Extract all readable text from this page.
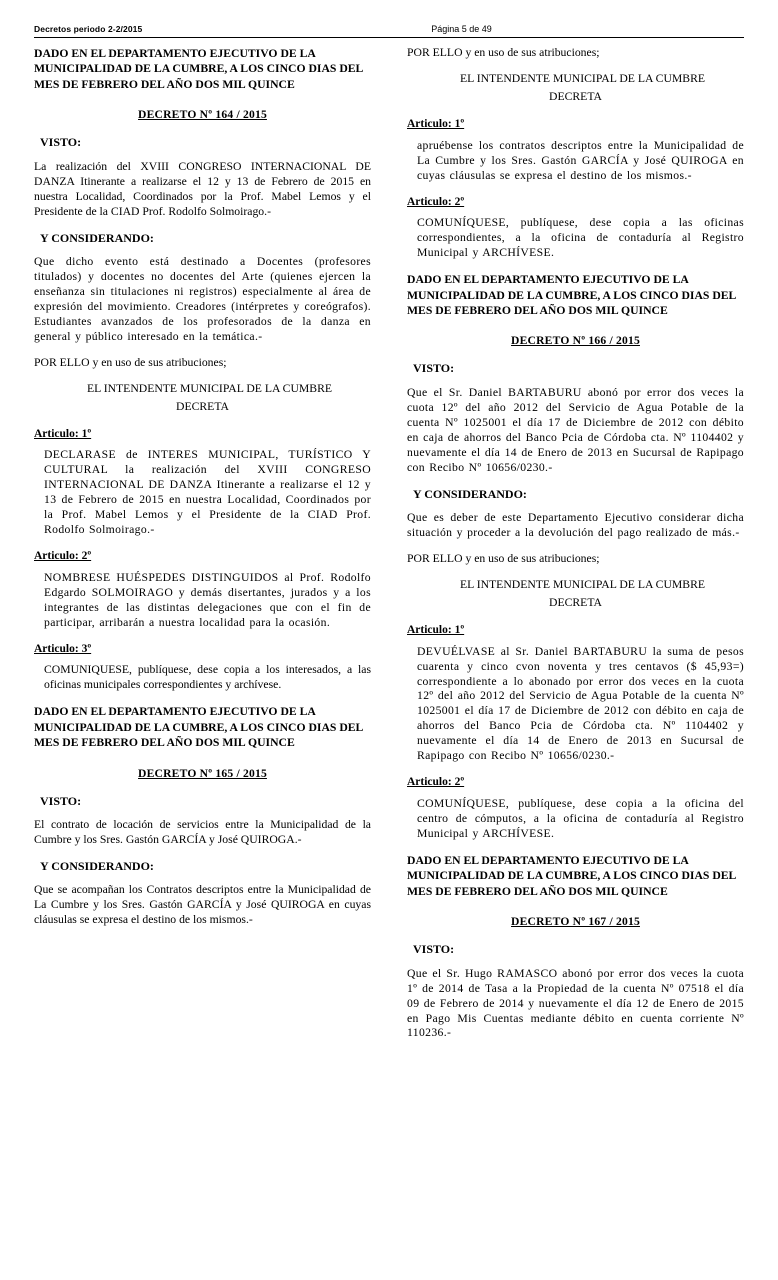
Decretos periodo 2-2/2015	Página 5 de 49

DADO EN EL DEPARTAMENTO EJECUTIVO DE LA MUNICIPALIDAD DE LA CUMBRE, A LOS CINCO DIAS DEL MES DE FEBRERO DEL AÑO DOS MIL QUINCE

DECRETO Nº 164 / 2015

VISTO:

La realización del XVIII CONGRESO INTERNACIONAL DE DANZA Itinerante a realizarse el 12 y 13 de Febrero de 2015 en nuestra Localidad, Coordinados por la Prof. Mabel Lemos y el Presidente de la CIAD Prof. Rodolfo Solmoirago.-

Y CONSIDERANDO:

Que dicho evento está destinado a Docentes (profesores titulados) y docentes no docentes del Arte (quienes ejercen la enseñanza sin titulaciones ni registros) especialmente al área de expresión del movimiento. Creadores (intérpretes y coreógrafos). Estudiantes avanzados de los profesorados de la danza en general y público interesado en la temática.-

POR ELLO y en uso de sus atribuciones;

EL INTENDENTE MUNICIPAL DE LA CUMBRE

DECRETA

Articulo: 1º

DECLARASE de INTERES MUNICIPAL, TURÍSTICO Y CULTURAL la realización del XVIII CONGRESO INTERNACIONAL DE DANZA Itinerante a realizarse el 12 y 13 de Febrero de 2015 en nuestra Localidad, Coordinados por la Prof. Mabel Lemos y el Presidente de la CIAD Prof. Rodolfo Solmoirago.-

Articulo: 2º

NOMBRESE HUÉSPEDES DISTINGUIDOS al Prof. Rodolfo Edgardo SOLMOIRAGO y demás disertantes, jurados y a los integrantes de las distintas delegaciones que con el fin de participar, arribarán a nuestra localidad para la ocasión.

Articulo: 3º

COMUNIQUESE, publíquese, dese copia a los interesados, a las oficinas municipales correspondientes y archívese.

DADO EN EL DEPARTAMENTO EJECUTIVO DE LA MUNICIPALIDAD DE LA CUMBRE, A LOS CINCO DIAS DEL MES DE FEBRERO DEL AÑO DOS MIL QUINCE

DECRETO Nº 165 / 2015

VISTO:

El contrato de locación de servicios entre la Municipalidad de la Cumbre y los Sres. Gastón GARCÍA y José QUIROGA.-

Y CONSIDERANDO:

Que se acompañan los Contratos descriptos entre la Municipalidad de La Cumbre y los Sres. Gastón GARCÍA y José QUIROGA en cuyas cláusulas se expresa el destino de los mismos.-

POR ELLO y en uso de sus atribuciones;

EL INTENDENTE MUNICIPAL DE LA CUMBRE

DECRETA

Articulo: 1º

apruébense los contratos descriptos entre la Municipalidad de La Cumbre y los Sres. Gastón GARCÍA y José QUIROGA en cuyas cláusulas se expresa el destino de los mismos.-

Articulo: 2º

COMUNÍQUESE, publíquese, dese copia a las oficinas correspondientes, a la oficina de contaduría al Registro Municipal y ARCHÍVESE.

DADO EN EL DEPARTAMENTO EJECUTIVO DE LA MUNICIPALIDAD DE LA CUMBRE, A LOS CINCO DIAS DEL MES DE FEBRERO DEL AÑO DOS MIL QUINCE

DECRETO Nº 166 / 2015

VISTO:

Que el Sr. Daniel BARTABURU abonó por error dos veces la cuota 12º del año 2012 del Servicio de Agua Potable de la cuenta Nº 1025001 el día 17 de Diciembre de 2012 con débito en caja de ahorros del Banco Pcia de Córdoba cta. Nº 1104402 y nuevamente el día 14 de Enero de 2013 en Sucursal de Rapipago con Recibo Nº 10656/0230.-

Y CONSIDERANDO:

Que es deber de este Departamento Ejecutivo considerar dicha situación y proceder a la devolución del pago realizado de más.-

POR ELLO y en uso de sus atribuciones;

EL INTENDENTE MUNICIPAL DE LA CUMBRE

DECRETA

Articulo: 1º

DEVUÉLVASE al Sr. Daniel BARTABURU la suma de pesos cuarenta y cinco cvon noventa y tres centavos ($ 45,93=) correspondiente a lo abonado por error dos veces en la cuota 12º del año 2012 del Servicio de Agua Potable de la cuenta Nº 1025001 el día 17 de Diciembre de 2012 con débito en caja de ahorros del Banco Pcia de Córdoba cta. Nº 1104402 y nuevamente el día 14 de Enero de 2013 en Sucursal de Rapipago con Recibo Nº 10656/0230.-

Articulo: 2º

COMUNÍQUESE, publíquese, dese copia a la oficina del centro de cómputos, a la oficina de contaduría al Registro Municipal y ARCHÍVESE.

DADO EN EL DEPARTAMENTO EJECUTIVO DE LA MUNICIPALIDAD DE LA CUMBRE, A LOS CINCO DIAS DEL MES DE FEBRERO DEL AÑO DOS MIL QUINCE

DECRETO Nº 167 / 2015

VISTO:

Que el Sr. Hugo RAMASCO abonó por error dos veces la cuota 1º de 2014 de Tasa a la Propiedad de la cuenta Nº 07518 el día 09 de Febrero de 2014 y nuevamente el día 12 de Enero de 2015 en Pago Mis Cuentas mediante débito en cuenta corriente Nº 110236.-
